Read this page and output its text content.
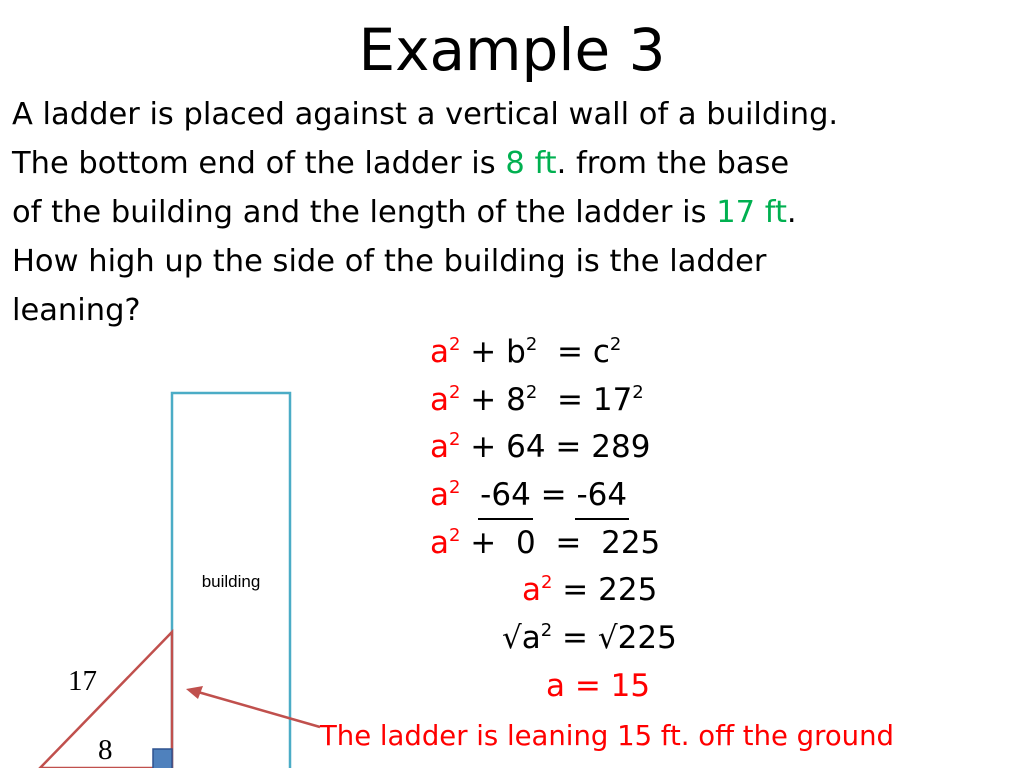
Example 3
A ladder is placed against a vertical wall of a building.
The bottom end of the ladder is 8 ft. from the base
of the building and the length of the ladder is 17 ft.
How high up the side of the building is the ladder
leaning?
$a^2 + b^2 = c^2$
$a^2 + 8^2 = 17^2$
$a^2 + 64 = 289$
$a^2$ -64 = -64
$a^2 + 0 = 225$
$a^2 = 225$
$√a^2 = √225$
a = 15
building
17
8	The ladder is leaning 15 ft. off the ground
